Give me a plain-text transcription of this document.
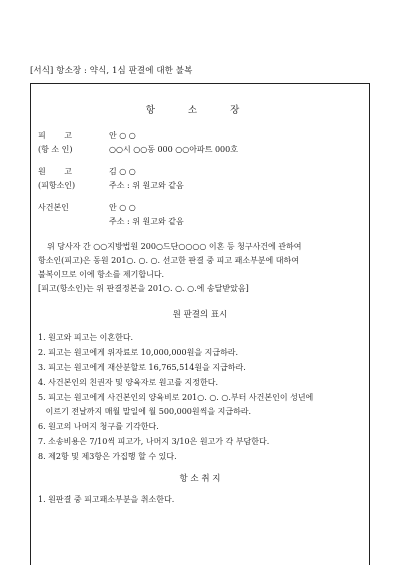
[서식] 항소장 : 약식, 1심 판결에 대한 불복
항 소 장
피 고	안 ○ ○
(항 소 인)	○○시 ○○동 000 ○○아파트 000호
원 고	김 ○ ○
(피항소인)	주소 : 위 원고와 같음
사건본인	안 ○ ○
주소 : 위 원고와 같음
위 당사자 간 ○○지방법원 200○드단○○○○ 이혼 등 청구사건에 관하여
항소인(피고)은 동원 201○. ○. ○. 선고한 판결 중 피고 패소부분에 대하여
불복이므로 이에 항소를 제기합니다.
[피고(항소인)는 위 판결정본을 201○. ○. ○.에 송달받았음]
원 판결의 표시
1. 원고와 피고는 이혼한다.
2. 피고는 원고에게 위자료로 10,000,000원을 지급하라.
3. 피고는 원고에게 재산분할로 16,765,514원을 지급하라.
4. 사건본인의 친권자 및 양육자로 원고를 지정한다.
5. 피고는 원고에게 사건본인의 양육비로 201○. ○. ○.부터 사건본인이 성년에
이르기 전날까지 매월 말일에 월 500,000원씩을 지급하라.
6. 원고의 나머지 청구를 기각한다.
7. 소송비용은 7/10씩 피고가, 나머지 3/10은 원고가 각 부담한다.
8. 제2항 및 제3항은 가집행 할 수 있다.
항 소 취 지
1. 원판결 중 피고패소부분을 취소한다.
